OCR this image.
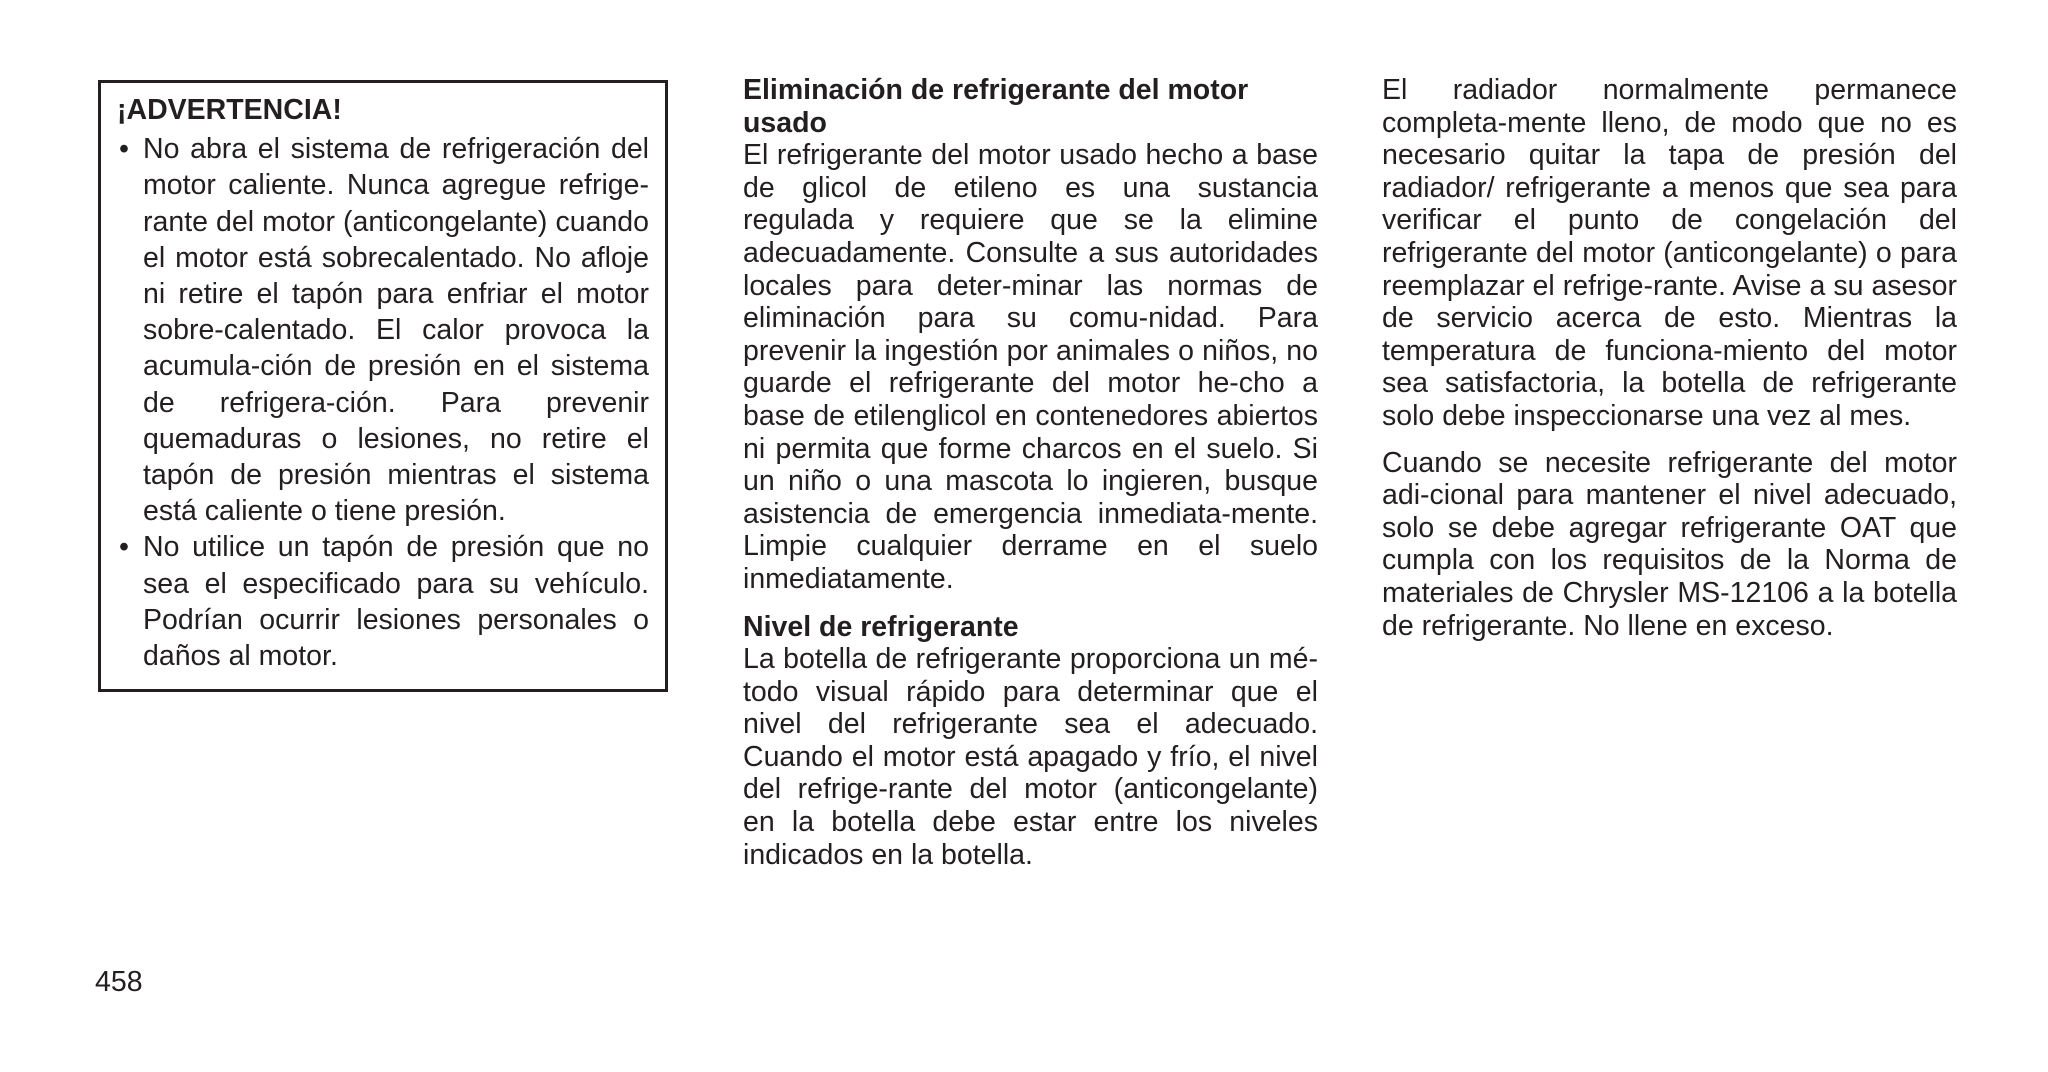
¡ADVERTENCIA!
• No abra el sistema de refrigeración del motor caliente. Nunca agregue refrige-rante del motor (anticongelante) cuando el motor está sobrecalentado. No afloje ni retire el tapón para enfriar el motor sobre-calentado. El calor provoca la acumula-ción de presión en el sistema de refrigera-ción. Para prevenir quemaduras o lesiones, no retire el tapón de presión mientras el sistema está caliente o tiene presión.
• No utilice un tapón de presión que no sea el especificado para su vehículo. Podrían ocurrir lesiones personales o daños al motor.
Eliminación de refrigerante del motor usado

El refrigerante del motor usado hecho a base de glicol de etileno es una sustancia regulada y requiere que se la elimine adecuadamente. Consulte a sus autoridades locales para deter-minar las normas de eliminación para su comu-nidad. Para prevenir la ingestión por animales o niños, no guarde el refrigerante del motor he-cho a base de etilenglicol en contenedores abiertos ni permita que forme charcos en el suelo. Si un niño o una mascota lo ingieren, busque asistencia de emergencia inmediata-mente. Limpie cualquier derrame en el suelo inmediatamente.

Nivel de refrigerante

La botella de refrigerante proporciona un mé-todo visual rápido para determinar que el nivel del refrigerante sea el adecuado. Cuando el motor está apagado y frío, el nivel del refrige-rante del motor (anticongelante) en la botella debe estar entre los niveles indicados en la botella.

El radiador normalmente permanece completa-mente lleno, de modo que no es necesario quitar la tapa de presión del radiador/ refrigerante a menos que sea para verificar el punto de congelación del refrigerante del motor (anticongelante) o para reemplazar el refrige-rante. Avise a su asesor de servicio acerca de esto. Mientras la temperatura de funciona-miento del motor sea satisfactoria, la botella de refrigerante solo debe inspeccionarse una vez al mes.

Cuando se necesite refrigerante del motor adi-cional para mantener el nivel adecuado, solo se debe agregar refrigerante OAT que cumpla con los requisitos de la Norma de materiales de Chrysler MS-12106 a la botella de refrigerante. No llene en exceso.

458
